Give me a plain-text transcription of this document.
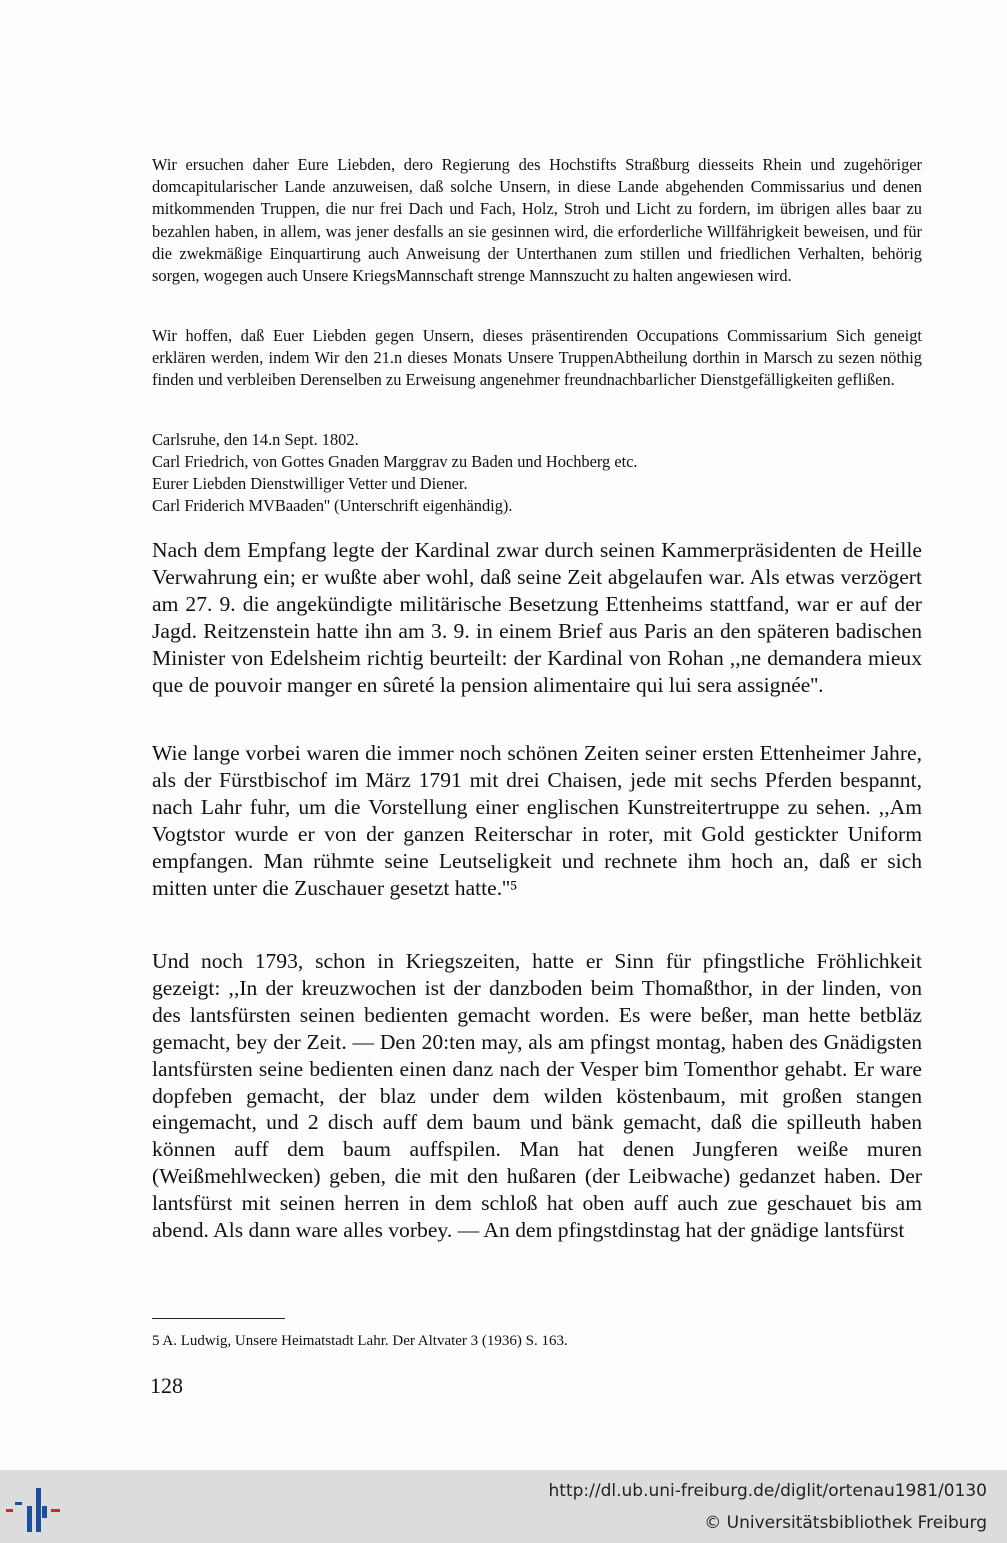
Wir ersuchen daher Eure Liebden, dero Regierung des Hochstifts Straßburg diesseits Rhein und zugehöriger domcapitularischer Lande anzuweisen, daß solche Unsern, in diese Lande abgehenden Commissarius und denen mitkommenden Truppen, die nur frei Dach und Fach, Holz, Stroh und Licht zu fordern, im übrigen alles baar zu bezahlen haben, in allem, was jener desfalls an sie gesinnen wird, die erforderliche Willfährigkeit beweisen, und für die zwekmäßige Einquartirung auch Anweisung der Unterthanen zum stillen und friedlichen Verhalten, behörig sorgen, wogegen auch Unsere KriegsMannschaft strenge Mannszucht zu halten angewiesen wird.

Wir hoffen, daß Euer Liebden gegen Unsern, dieses präsentirenden Occupations Commissarium Sich geneigt erklären werden, indem Wir den 21.n dieses Monats Unsere TruppenAbtheilung dorthin in Marsch zu sezen nöthig finden und verbleiben Derenselben zu Erweisung angenehmer freundnachbarlicher Dienstgefälligkeiten geflißen.

Carlsruhe, den 14.n Sept. 1802.

Carl Friedrich, von Gottes Gnaden Marggrav zu Baden und Hochberg etc.

Eurer Liebden Dienstwilliger Vetter und Diener.

Carl Friderich MVBaaden'' (Unterschrift eigenhändig).

Nach dem Empfang legte der Kardinal zwar durch seinen Kammerpräsidenten de Heille Verwahrung ein; er wußte aber wohl, daß seine Zeit abgelaufen war. Als etwas verzögert am 27. 9. die angekündigte militärische Besetzung Ettenheims stattfand, war er auf der Jagd. Reitzenstein hatte ihn am 3. 9. in einem Brief aus Paris an den späteren badischen Minister von Edelsheim richtig beurteilt: der Kardinal von Rohan ,,ne demandera mieux que de pouvoir manger en sûreté la pension alimentaire qui lui sera assignée''.

Wie lange vorbei waren die immer noch schönen Zeiten seiner ersten Ettenheimer Jahre, als der Fürstbischof im März 1791 mit drei Chaisen, jede mit sechs Pferden bespannt, nach Lahr fuhr, um die Vorstellung einer englischen Kunstreitertruppe zu sehen. ,,Am Vogtstor wurde er von der ganzen Reiterschar in roter, mit Gold gestickter Uniform empfangen. Man rühmte seine Leutseligkeit und rechnete ihm hoch an, daß er sich mitten unter die Zuschauer gesetzt hatte.''⁵

Und noch 1793, schon in Kriegszeiten, hatte er Sinn für pfingstliche Fröhlichkeit gezeigt: ,,In der kreuzwochen ist der danzboden beim Thomaßthor, in der linden, von des lantsfürsten seinen bedienten gemacht worden. Es were beßer, man hette betbläz gemacht, bey der Zeit. — Den 20:ten may, als am pfingst montag, haben des Gnädigsten lantsfürsten seine bedienten einen danz nach der Vesper bim Tomenthor gehabt. Er ware dopfeben gemacht, der blaz under dem wilden köstenbaum, mit großen stangen eingemacht, und 2 disch auff dem baum und bänk gemacht, daß die spilleuth haben können auff dem baum auffspilen. Man hat denen Jungferen weiße muren (Weißmehlwecken) geben, die mit den hußaren (der Leibwache) gedanzet haben. Der lantsfürst mit seinen herren in dem schloß hat oben auff auch zue geschauet bis am abend. Als dann ware alles vorbey. — An dem pfingstdinstag hat der gnädige lantsfürst

5 A. Ludwig, Unsere Heimatstadt Lahr. Der Altvater 3 (1936) S. 163.
128
http://dl.ub.uni-freiburg.de/diglit/ortenau1981/0130
© Universitätsbibliothek Freiburg
